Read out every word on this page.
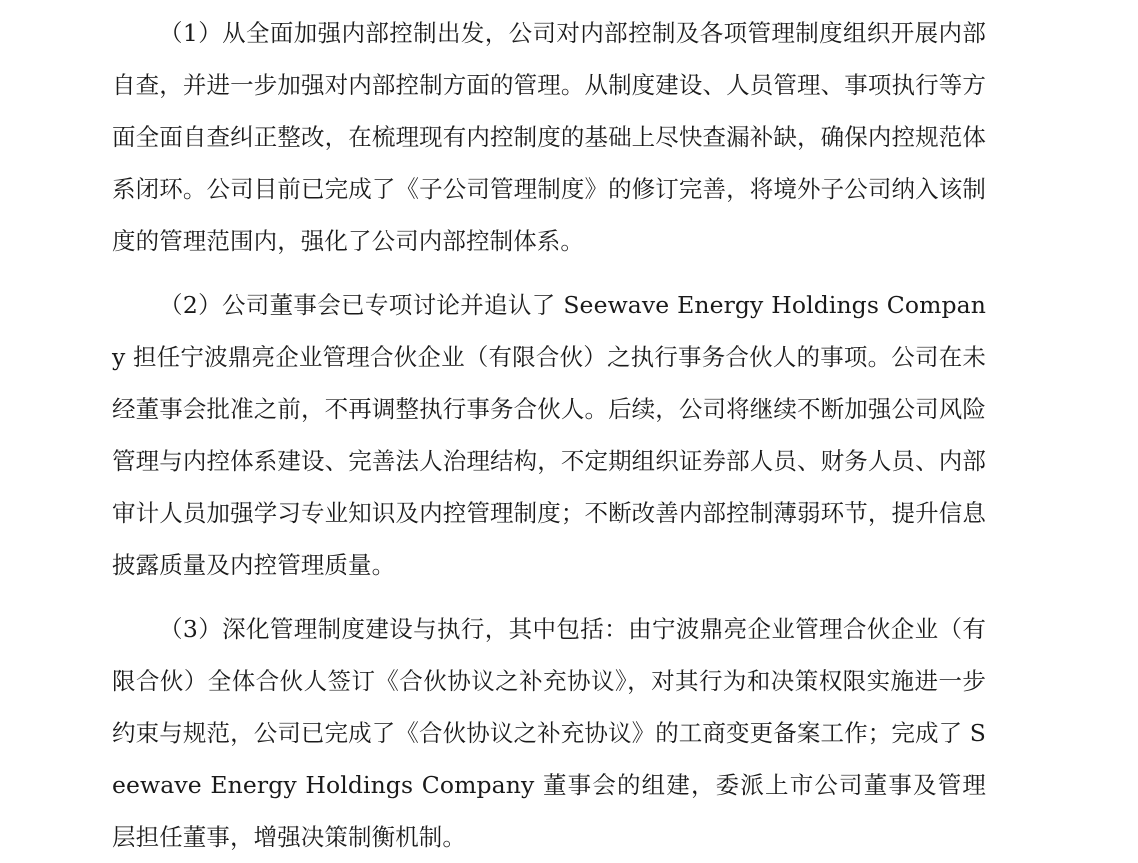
（1）从全面加强内部控制出发，公司对内部控制及各项管理制度组织开展内部自查，并进一步加强对内部控制方面的管理。从制度建设、人员管理、事项执行等方面全面自查纠正整改，在梳理现有内控制度的基础上尽快查漏补缺，确保内控规范体系闭环。公司目前已完成了《子公司管理制度》的修订完善，将境外子公司纳入该制度的管理范围内，强化了公司内部控制体系。

（2）公司董事会已专项讨论并追认了 Seewave Energy Holdings Company 担任宁波鼎亮企业管理合伙企业（有限合伙）之执行事务合伙人的事项。公司在未经董事会批准之前，不再调整执行事务合伙人。后续，公司将继续不断加强公司风险管理与内控体系建设、完善法人治理结构，不定期组织证券部人员、财务人员、内部审计人员加强学习专业知识及内控管理制度；不断改善内部控制薄弱环节，提升信息披露质量及内控管理质量。

（3）深化管理制度建设与执行，其中包括：由宁波鼎亮企业管理合伙企业（有限合伙）全体合伙人签订《合伙协议之补充协议》，对其行为和决策权限实施进一步约束与规范，公司已完成了《合伙协议之补充协议》的工商变更备案工作；完成了 Seewave Energy Holdings Company 董事会的组建，委派上市公司董事及管理层担任董事，增强决策制衡机制。
